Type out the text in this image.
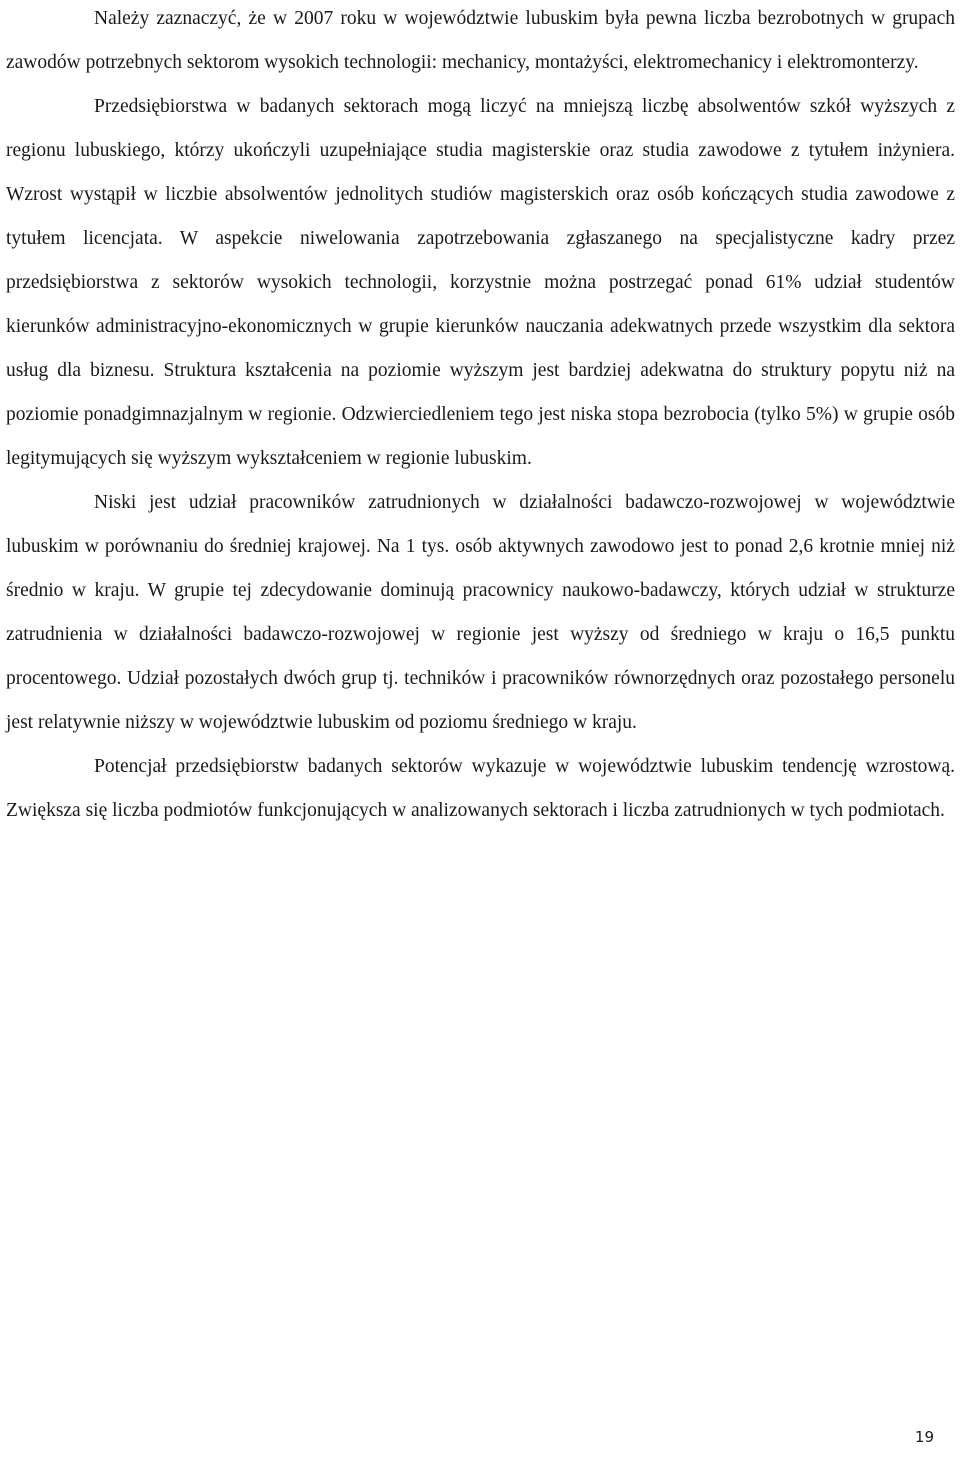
Należy zaznaczyć, że w 2007 roku w województwie lubuskim była pewna liczba bezrobotnych w grupach zawodów potrzebnych sektorom wysokich technologii: mechanicy, montażyści, elektromechanicy i elektromonterzy.

Przedsiębiorstwa w badanych sektorach mogą liczyć na mniejszą liczbę absolwentów szkół wyższych z regionu lubuskiego, którzy ukończyli uzupełniające studia magisterskie oraz studia zawodowe z tytułem inżyniera. Wzrost wystąpił w liczbie absolwentów jednolitych studiów magisterskich oraz osób kończących studia zawodowe z tytułem licencjata. W aspekcie niwelowania zapotrzebowania zgłaszanego na specjalistyczne kadry przez przedsiębiorstwa z sektorów wysokich technologii, korzystnie można postrzegać ponad 61% udział studentów kierunków administracyjno-ekonomicznych w grupie kierunków nauczania adekwatnych przede wszystkim dla sektora usług dla biznesu. Struktura kształcenia na poziomie wyższym jest bardziej adekwatna do struktury popytu niż na poziomie ponadgimnazjalnym w regionie. Odzwierciedleniem tego jest niska stopa bezrobocia (tylko 5%) w grupie osób legitymujących się wyższym wykształceniem w regionie lubuskim.

Niski jest udział pracowników zatrudnionych w działalności badawczo-rozwojowej w województwie lubuskim w porównaniu do średniej krajowej. Na 1 tys. osób aktywnych zawodowo jest to ponad 2,6 krotnie mniej niż średnio w kraju. W grupie tej zdecydowanie dominują pracownicy naukowo-badawczy, których udział w strukturze zatrudnienia w działalności badawczo-rozwojowej w regionie jest wyższy od średniego w kraju o 16,5 punktu procentowego. Udział pozostałych dwóch grup tj. techników i pracowników równorzędnych oraz pozostałego personelu jest relatywnie niższy w województwie lubuskim od poziomu średniego w kraju.

Potencjał przedsiębiorstw badanych sektorów wykazuje w województwie lubuskim tendencję wzrostową. Zwiększa się liczba podmiotów funkcjonujących w analizowanych sektorach i liczba zatrudnionych w tych podmiotach.

19
